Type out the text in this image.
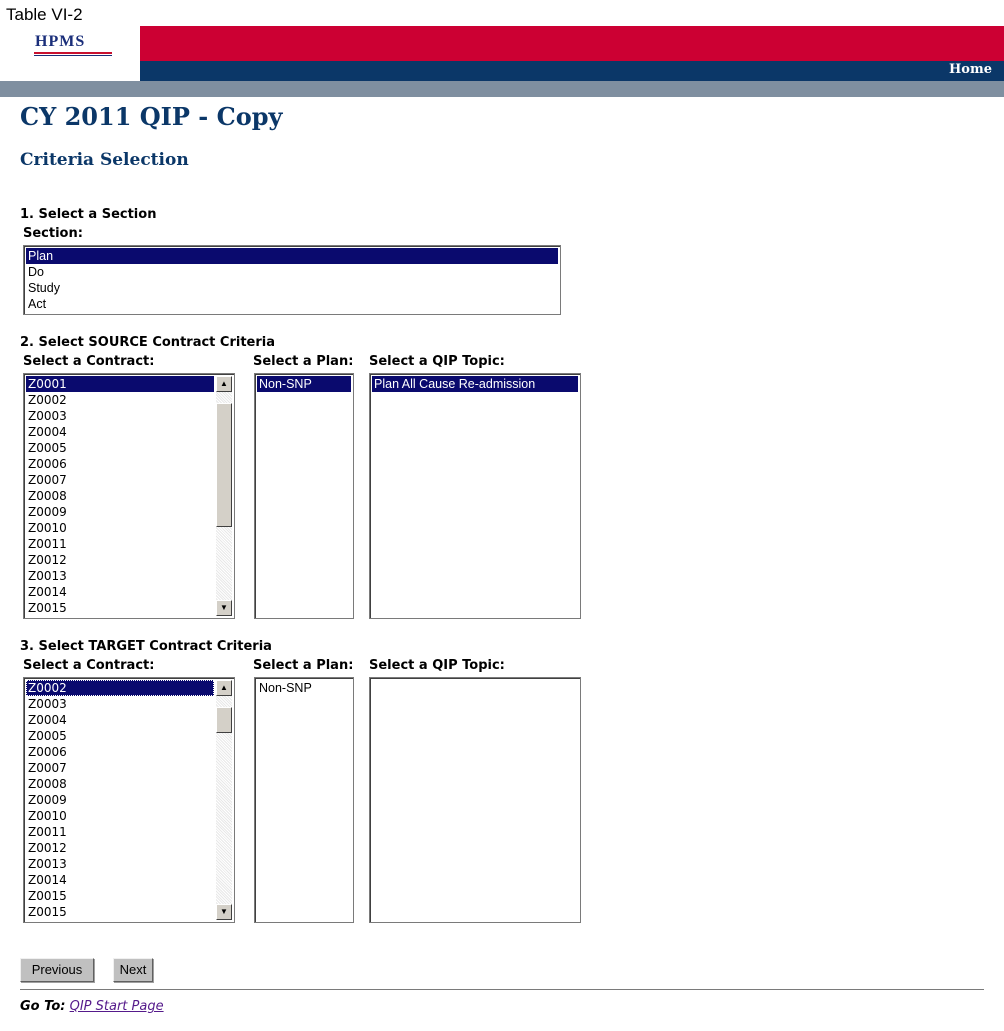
Table VI-2
HPMS
Home
CY 2011 QIP - Copy
Criteria Selection
1. Select a Section
Section:
Plan
Do
Study
Act
2. Select SOURCE Contract Criteria
Select a Contract:	Select a Plan: Select a QIP Topic:
Z0001
Z0002
Z0003
Z0004
Z0005
Z0006
Z0007
Z0008
Z0009
Z0010
Z0011
Z0012
Z0013
Z0014
Z0015
▲
▼
Non-SNP	Plan All Cause Re-admission
3. Select TARGET Contract Criteria
Select a Contract:	Select a Plan: Select a QIP Topic:
Z0002
Z0003
Z0004
Z0005
Z0006
Z0007
Z0008
Z0009
Z0010
Z0011
Z0012
Z0013
Z0014
Z0015
Z0015
▲
▼
Non-SNP
Previous	Next
Go To: QIP Start Page
